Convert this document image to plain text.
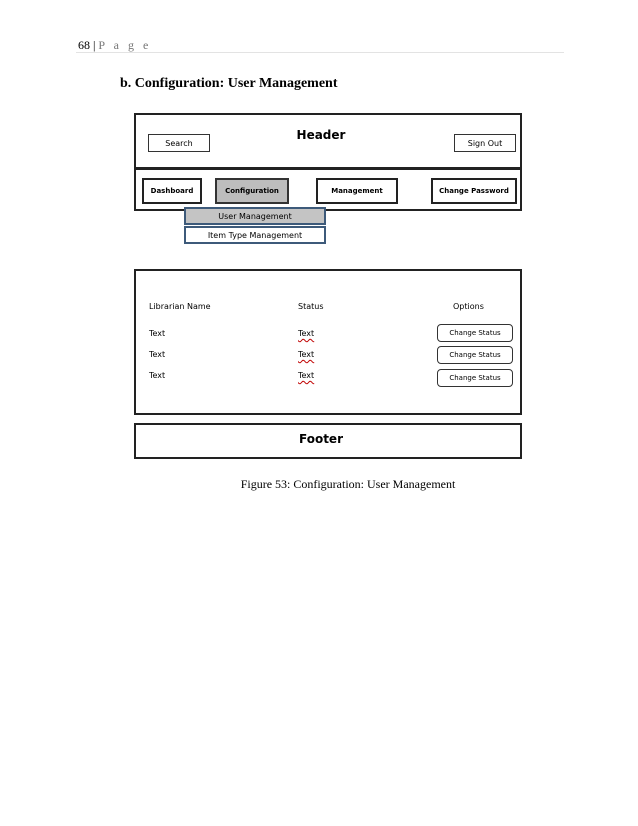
68 | P a g e
b. Configuration: User Management
Header
Search	Sign Out
Dashboard	Configuration	Management	Change Password
User Management
Item Type Management
Librarian Name	Status	Options
Text	Text	Change Status
Text	Text	Change Status
Text	Text	Change Status
Footer
Figure 53: Configuration: User Management
